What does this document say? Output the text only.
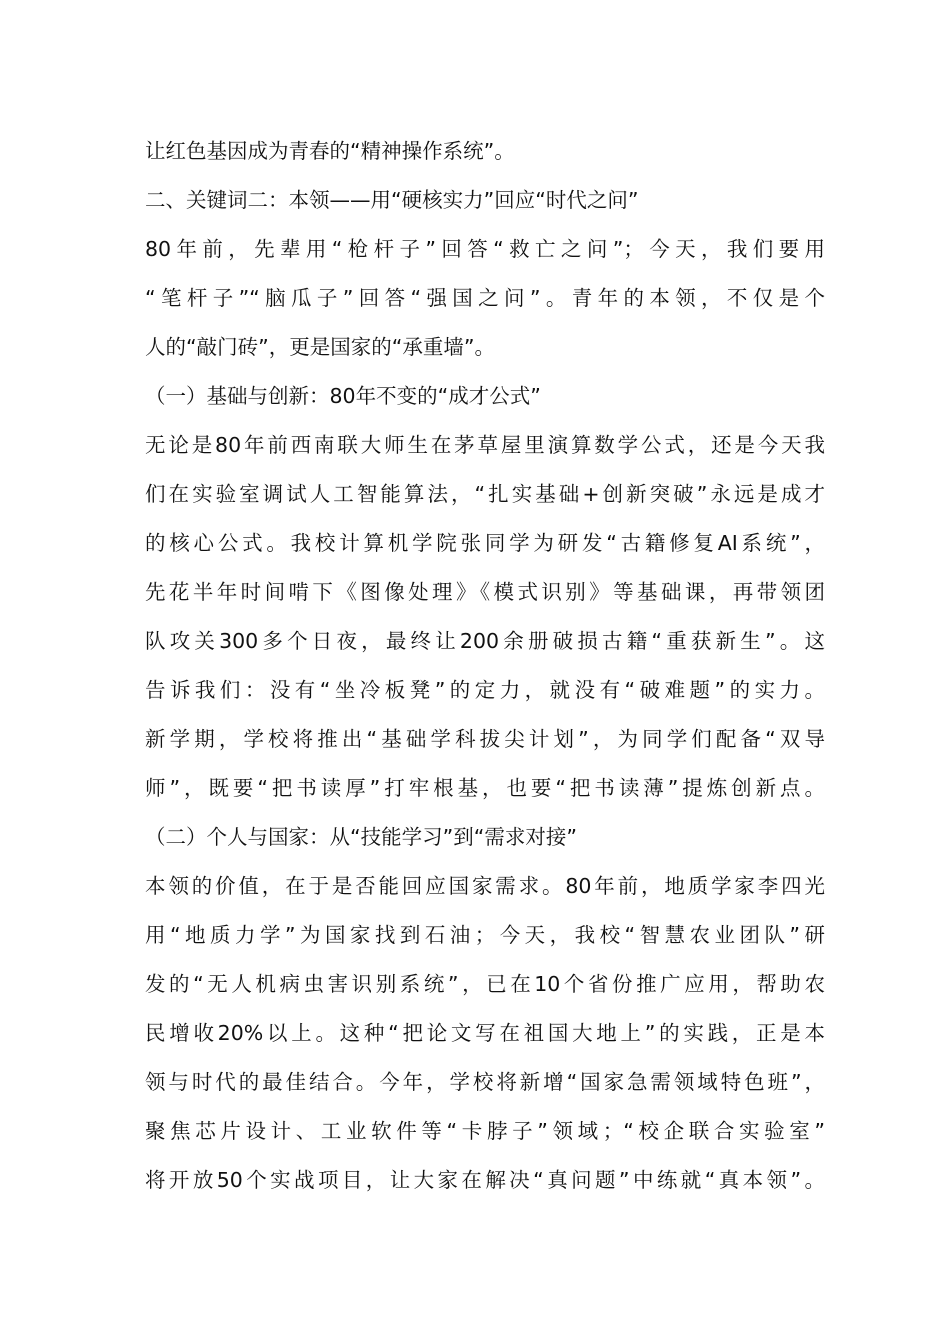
让红色基因成为青春的“精神操作系统”。
二、关键词二：本领——用“硬核实力”回应“时代之问”
80年前，先辈用“枪杆子”回答“救亡之问”；今天，我们要用
“笔杆子”“脑瓜子”回答“强国之问”。青年的本领，不仅是个
人的“敲门砖”，更是国家的“承重墙”。
（一）基础与创新：80年不变的“成才公式”
无论是80年前西南联大师生在茅草屋里演算数学公式，还是今天我
们在实验室调试人工智能算法，“扎实基础+创新突破”永远是成才
的核心公式。我校计算机学院张同学为研发“古籍修复AI系统”，
先花半年时间啃下《图像处理》《模式识别》等基础课，再带领团
队攻关300多个日夜，最终让200余册破损古籍“重获新生”。这
告诉我们：没有“坐冷板凳”的定力，就没有“破难题”的实力。
新学期，学校将推出“基础学科拔尖计划”，为同学们配备“双导
师”，既要“把书读厚”打牢根基，也要“把书读薄”提炼创新点。
（二）个人与国家：从“技能学习”到“需求对接”
本领的价值，在于是否能回应国家需求。80年前，地质学家李四光
用“地质力学”为国家找到石油；今天，我校“智慧农业团队”研
发的“无人机病虫害识别系统”，已在10个省份推广应用，帮助农
民增收20%以上。这种“把论文写在祖国大地上”的实践，正是本
领与时代的最佳结合。今年，学校将新增“国家急需领域特色班”，
聚焦芯片设计、工业软件等“卡脖子”领域；“校企联合实验室”
将开放50个实战项目，让大家在解决“真问题”中练就“真本领”。
